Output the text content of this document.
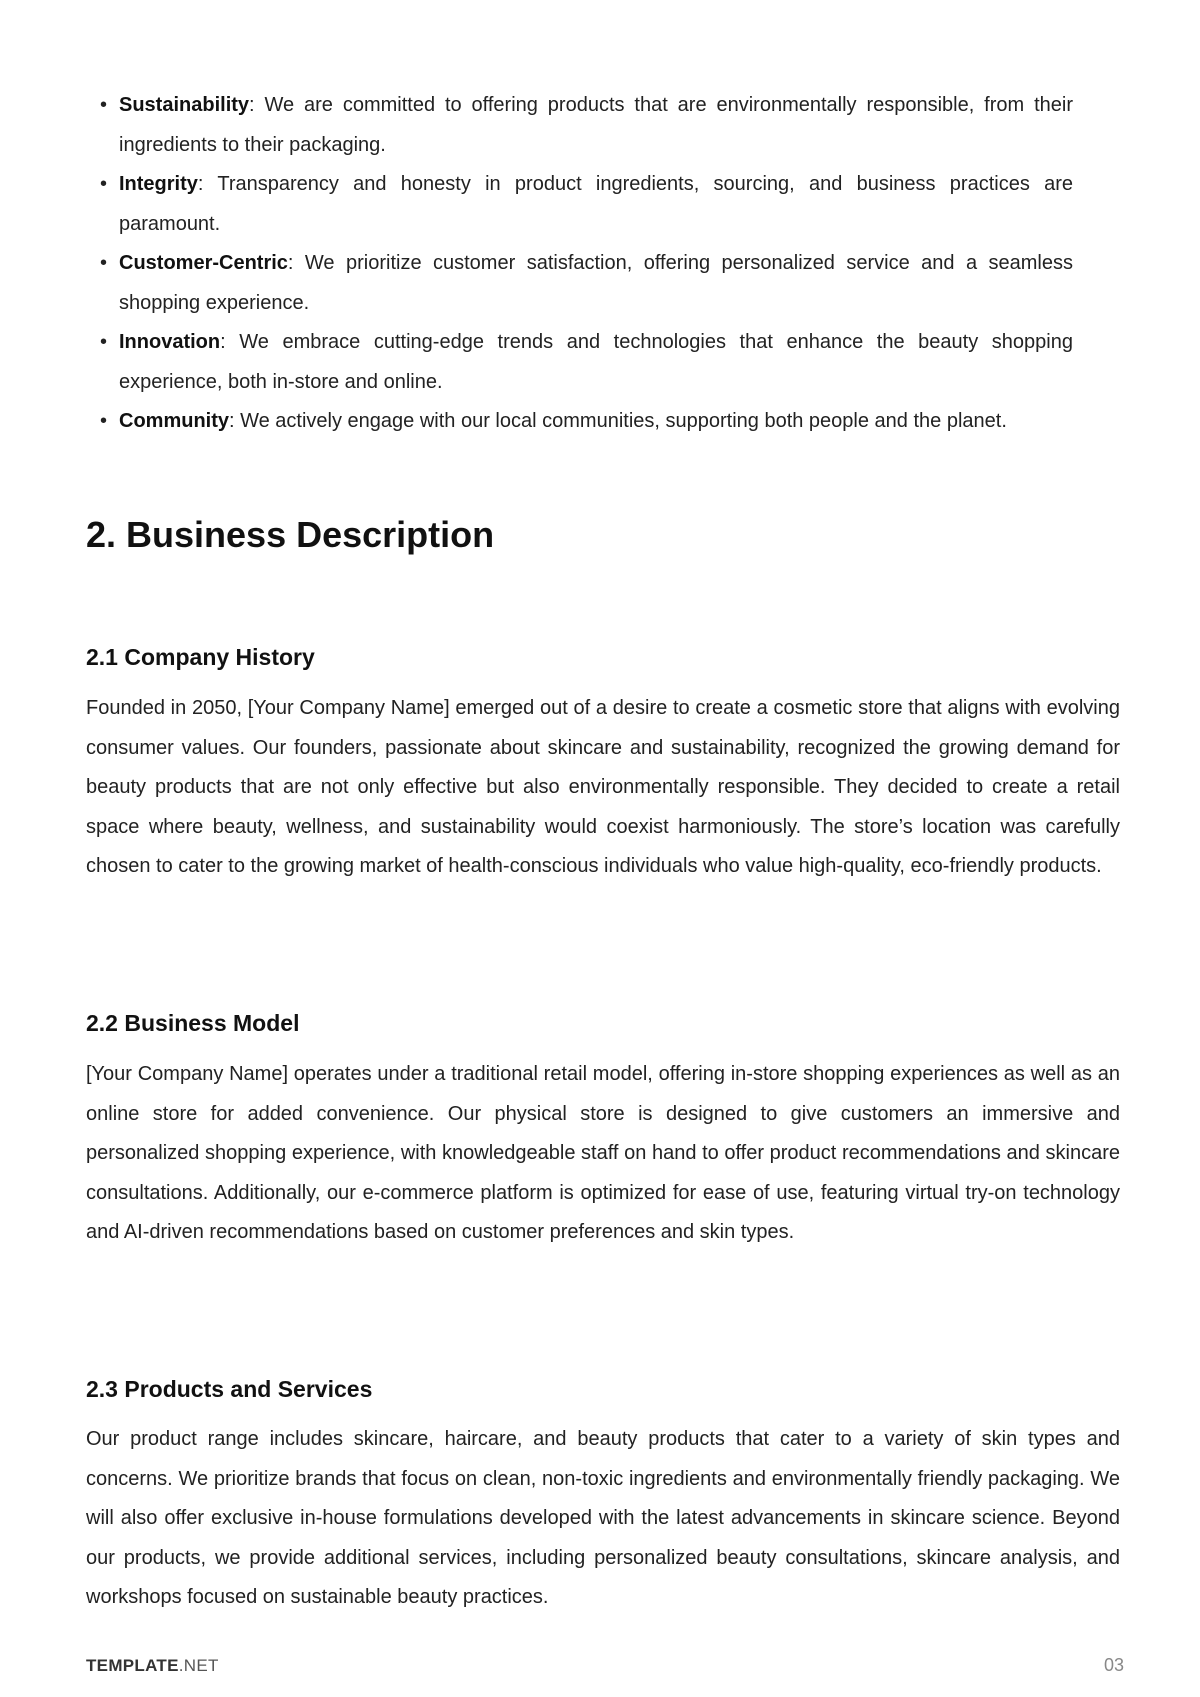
• Sustainability: We are committed to offering products that are environmentally responsible, from their ingredients to their packaging.
• Integrity: Transparency and honesty in product ingredients, sourcing, and business practices are paramount.
• Customer-Centric: We prioritize customer satisfaction, offering personalized service and a seamless shopping experience.
• Innovation: We embrace cutting-edge trends and technologies that enhance the beauty shopping experience, both in-store and online.
• Community: We actively engage with our local communities, supporting both people and the planet.
2. Business Description
2.1 Company History

Founded in 2050, [Your Company Name] emerged out of a desire to create a cosmetic store that aligns with evolving consumer values. Our founders, passionate about skincare and sustainability, recognized the growing demand for beauty products that are not only effective but also environmentally responsible. They decided to create a retail space where beauty, wellness, and sustainability would coexist harmoniously. The store’s location was carefully chosen to cater to the growing market of health-conscious individuals who value high-quality, eco-friendly products.

2.2 Business Model

[Your Company Name] operates under a traditional retail model, offering in-store shopping experiences as well as an online store for added convenience. Our physical store is designed to give customers an immersive and personalized shopping experience, with knowledgeable staff on hand to offer product recommendations and skincare consultations. Additionally, our e-commerce platform is optimized for ease of use, featuring virtual try-on technology and AI-driven recommendations based on customer preferences and skin types.

2.3 Products and Services

Our product range includes skincare, haircare, and beauty products that cater to a variety of skin types and concerns. We prioritize brands that focus on clean, non-toxic ingredients and environmentally friendly packaging. We will also offer exclusive in-house formulations developed with the latest advancements in skincare science. Beyond our products, we provide additional services, including personalized beauty consultations, skincare analysis, and workshops focused on sustainable beauty practices.

TEMPLATE.NET	03
